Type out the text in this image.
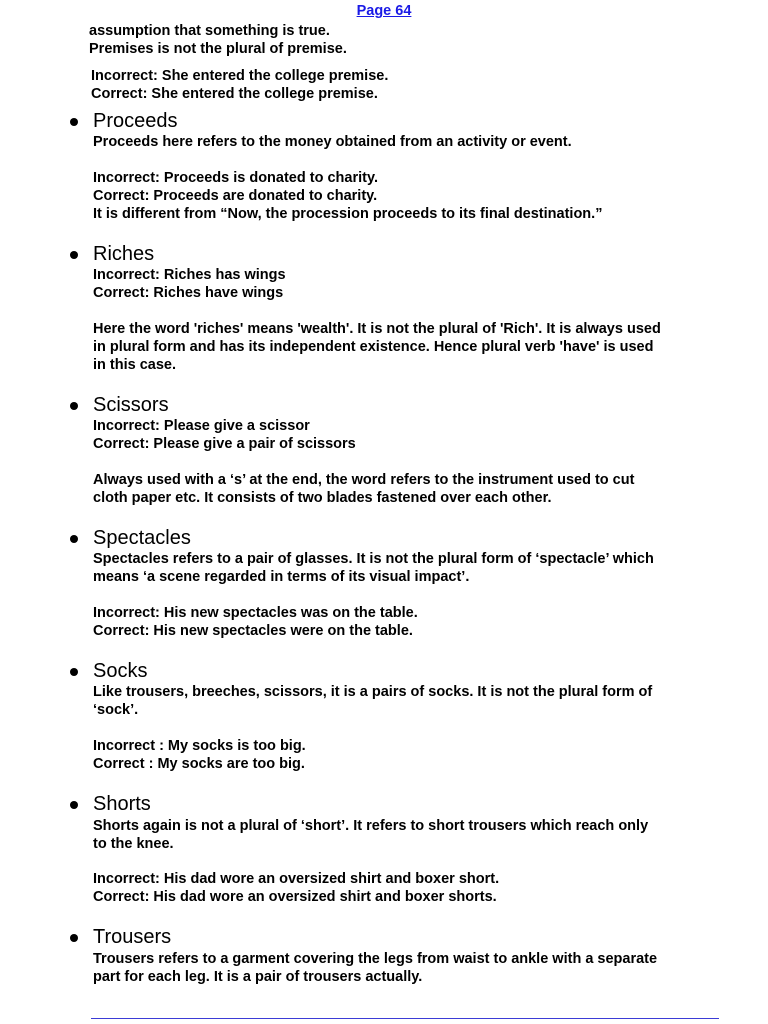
Page 64
assumption that something is true.
Premises is not the plural of premise.
Incorrect: She entered the college premise.
Correct: She entered the college premise.
Proceeds
Proceeds here refers to the money obtained from an activity or event.
Incorrect: Proceeds is donated to charity.
Correct: Proceeds are donated to charity.
It is different from “Now, the procession proceeds to its final destination.”
Riches
Incorrect: Riches has wings
Correct: Riches have wings
Here the word 'riches' means 'wealth'. It is not the plural of 'Rich'. It is always used
in plural form and has its independent existence. Hence plural verb 'have' is used
in this case.
Scissors
Incorrect: Please give a scissor
Correct: Please give a pair of scissors
Always used with a ‘s’ at the end, the word refers to the instrument used to cut
cloth paper etc. It consists of two blades fastened over each other.
Spectacles
Spectacles refers to a pair of glasses. It is not the plural form of ‘spectacle’ which
means ‘a scene regarded in terms of its visual impact’.
Incorrect: His new spectacles was on the table.
Correct: His new spectacles were on the table.
Socks
Like trousers, breeches, scissors, it is a pairs of socks. It is not the plural form of
‘sock’.
Incorrect : My socks is too big.
Correct : My socks are too big.
Shorts
Shorts again is not a plural of ‘short’. It refers to short trousers which reach only
to the knee.
Incorrect: His dad wore an oversized shirt and boxer short.
Correct: His dad wore an oversized shirt and boxer shorts.
Trousers
Trousers refers to a garment covering the legs from waist to ankle with a separate
part for each leg. It is a pair of trousers actually.
